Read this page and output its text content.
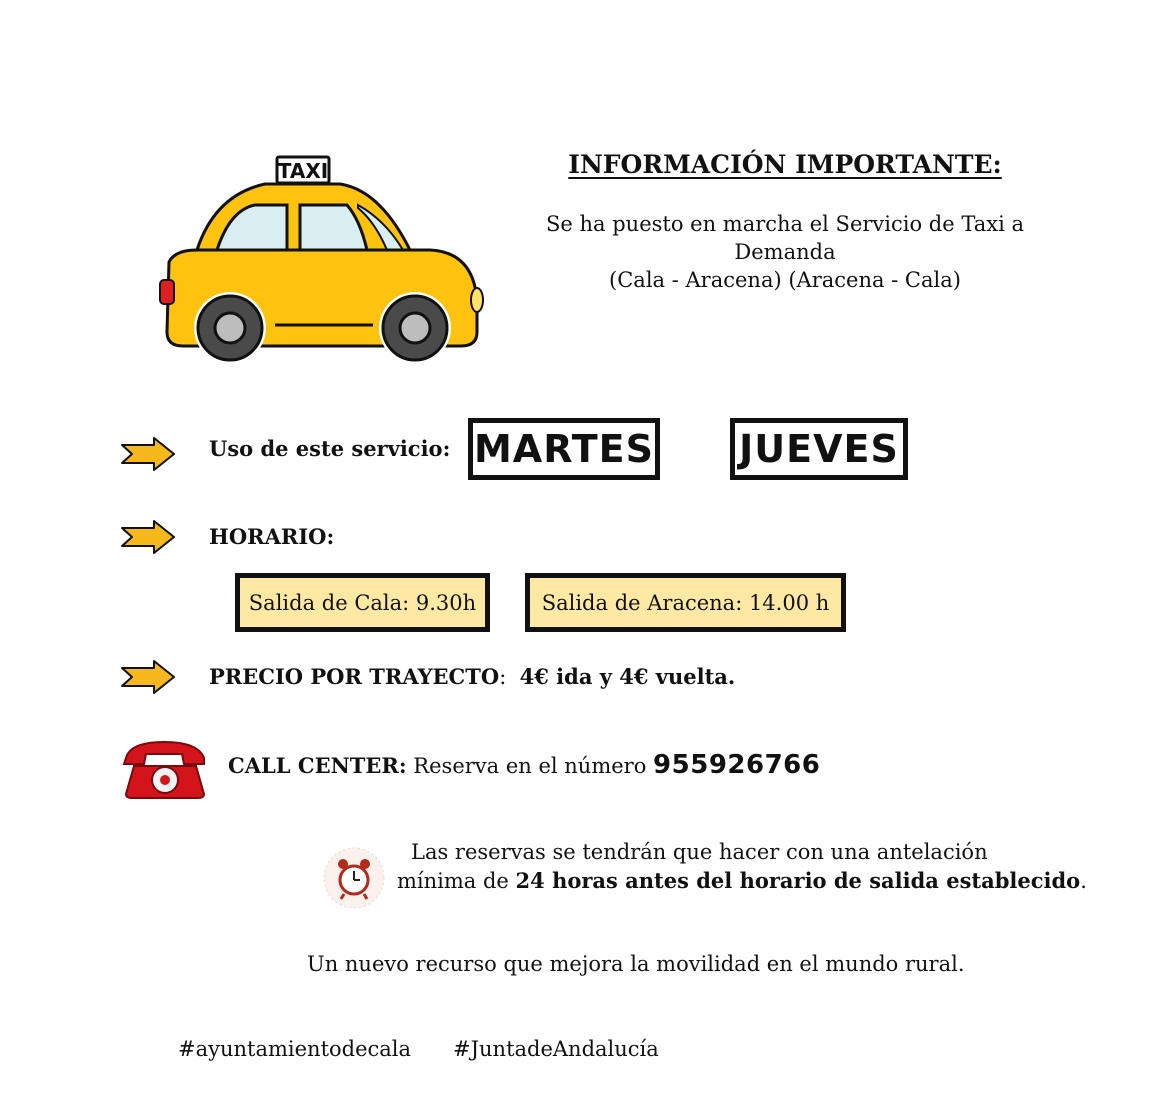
TAXI	INFORMACIÓN IMPORTANTE:
Se ha puesto en marcha el Servicio de Taxi a Demanda
(Cala - Aracena) (Aracena - Cala)
Uso de este servicio: MARTES JUEVES
HORARIO:
Salida de Cala: 9.30h	Salida de Aracena: 14.00 h
PRECIO POR TRAYECTO: 4€ ida y 4€ vuelta.
CALL CENTER: Reserva en el número 955926766
Las reservas se tendrán que hacer con una antelación
mínima de 24 horas antes del horario de salida establecido.
Un nuevo recurso que mejora la movilidad en el mundo rural.
#ayuntamientodecala #JuntadeAndalucía
